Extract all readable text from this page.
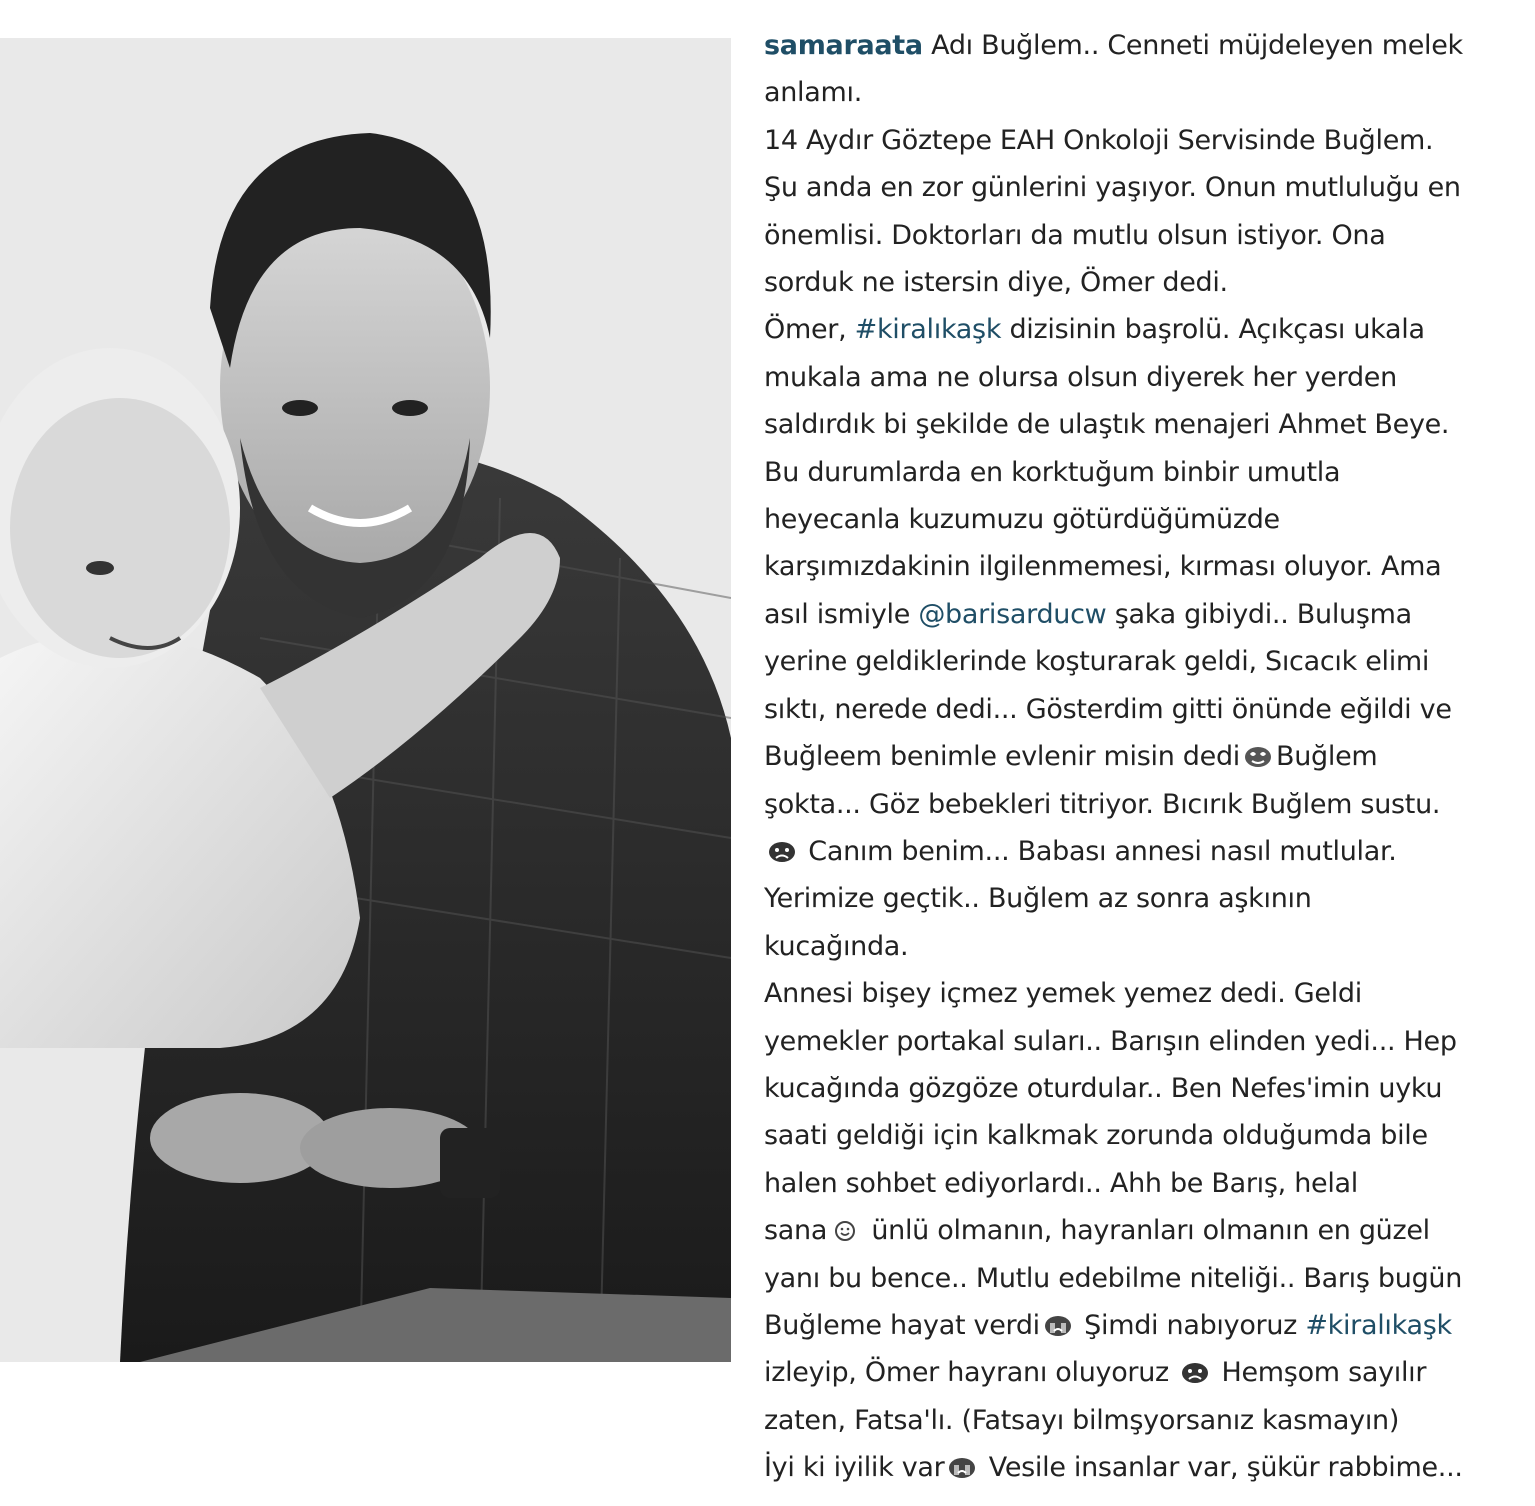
samaraata Adı Buğlem.. Cenneti müjdeleyen melek
anlamı.
14 Aydır Göztepe EAH Onkoloji Servisinde Buğlem.
Şu anda en zor günlerini yaşıyor. Onun mutluluğu en
önemlisi. Doktorları da mutlu olsun istiyor. Ona
sorduk ne istersin diye, Ömer dedi.
Ömer, #kiralıkaşk dizisinin başrolü. Açıkçası ukala
mukala ama ne olursa olsun diyerek her yerden
saldırdık bi şekilde de ulaştık menajeri Ahmet Beye.
Bu durumlarda en korktuğum binbir umutla
heyecanla kuzumuzu götürdüğümüzde
karşımızdakinin ilgilenmemesi, kırması oluyor. Ama
asıl ismiyle @barisarducw şaka gibiydi.. Buluşma
yerine geldiklerinde koşturarak geldi, Sıcacık elimi
sıktı, nerede dedi... Gösterdim gitti önünde eğildi ve
Buğleem benimle evlenir misin dedi Buğlem
şokta... Göz bebekleri titriyor. Bıcırık Buğlem sustu.
Canım benim... Babası annesi nasıl mutlular.
Yerimize geçtik.. Buğlem az sonra aşkının
kucağında.
Annesi bişey içmez yemek yemez dedi. Geldi
yemekler portakal suları.. Barışın elinden yedi... Hep
kucağında gözgöze oturdular.. Ben Nefes'imin uyku
saati geldiği için kalkmak zorunda olduğumda bile
halen sohbet ediyorlardı.. Ahh be Barış, helal
sana ünlü olmanın, hayranları olmanın en güzel
yanı bu bence.. Mutlu edebilme niteliği.. Barış bugün
Buğleme hayat verdi Şimdi nabıyoruz #kiralıkaşk
izleyip, Ömer hayranı oluyoruz  Hemşom sayılır
zaten, Fatsa'lı. (Fatsayı bilmşyorsanız kasmayın)
İyi ki iyilik var Vesile insanlar var, şükür rabbime...
